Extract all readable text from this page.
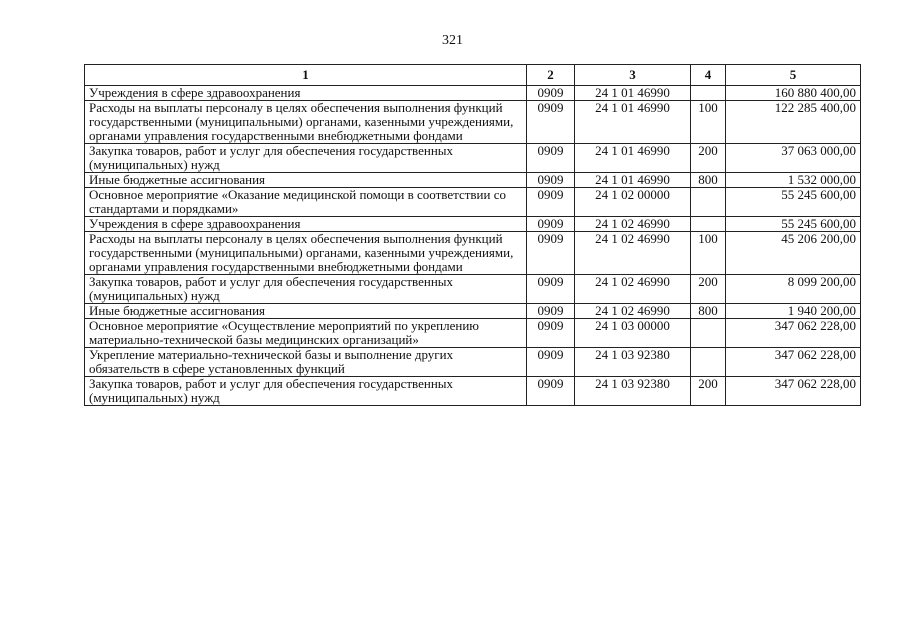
321
1	2	3	4	5
Учреждения в сфере здравоохранения	0909	24 1 01 46990		160 880 400,00
Расходы на выплаты персоналу в целях обеспечения выполнения функций государственными (муниципальными) органами, казенными учреждениями, органами управления государственными внебюджетными фондами	0909	24 1 01 46990	100	122 285 400,00
Закупка товаров, работ и услуг для обеспечения государственных (муниципальных) нужд	0909	24 1 01 46990	200	37 063 000,00
Иные бюджетные ассигнования	0909	24 1 01 46990	800	1 532 000,00
Основное мероприятие «Оказание медицинской помощи в соответствии со стандартами и порядками»	0909	24 1 02 00000		55 245 600,00
Учреждения в сфере здравоохранения	0909	24 1 02 46990		55 245 600,00
Расходы на выплаты персоналу в целях обеспечения выполнения функций государственными (муниципальными) органами, казенными учреждениями, органами управления государственными внебюджетными фондами	0909	24 1 02 46990	100	45 206 200,00
Закупка товаров, работ и услуг для обеспечения государственных (муниципальных) нужд	0909	24 1 02 46990	200	8 099 200,00
Иные бюджетные ассигнования	0909	24 1 02 46990	800	1 940 200,00
Основное мероприятие «Осуществление мероприятий по укреплению материально-технической базы медицинских организаций»	0909	24 1 03 00000		347 062 228,00
Укрепление материально-технической базы и выполнение других обязательств в сфере установленных функций	0909	24 1 03 92380		347 062 228,00
Закупка товаров, работ и услуг для обеспечения государственных (муниципальных) нужд	0909	24 1 03 92380	200	347 062 228,00
